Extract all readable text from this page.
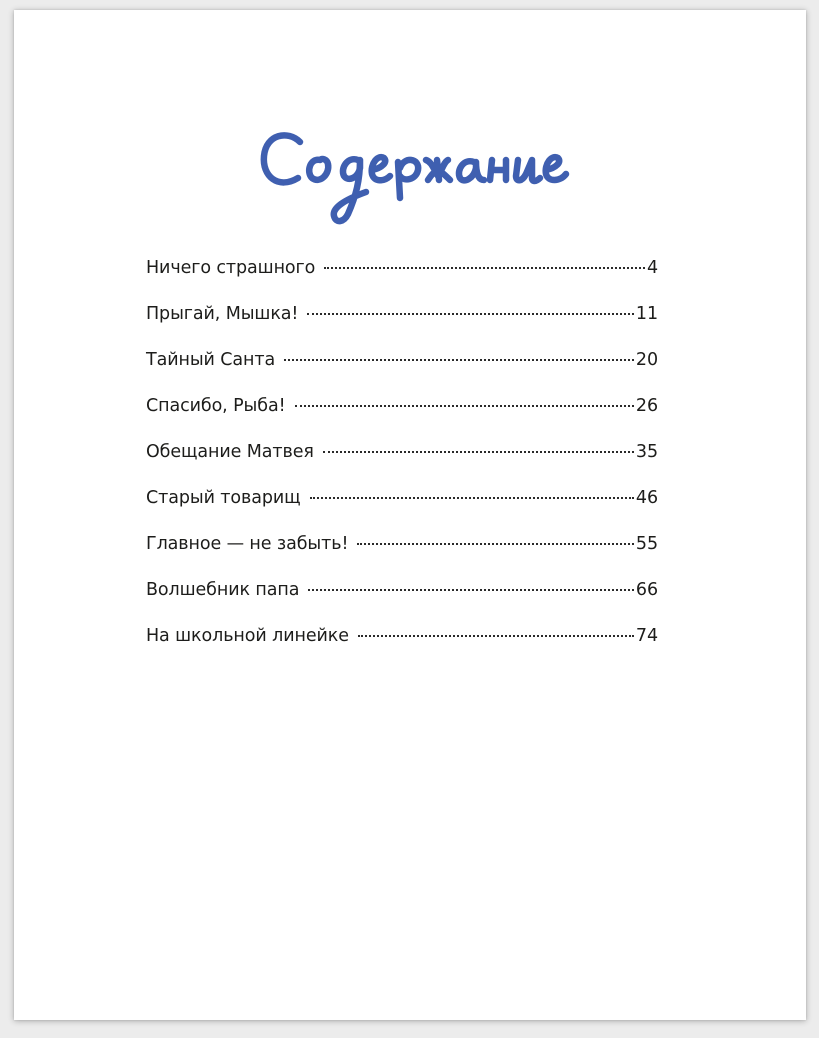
Ничего страшного	4
Прыгай, Мышка!	11
Тайный Санта	20
Спасибо, Рыба!	26
Обещание Матвея	35
Старый товарищ	46
Главное — не забыть!	55
Волшебник папа	66
На школьной линейке	74
